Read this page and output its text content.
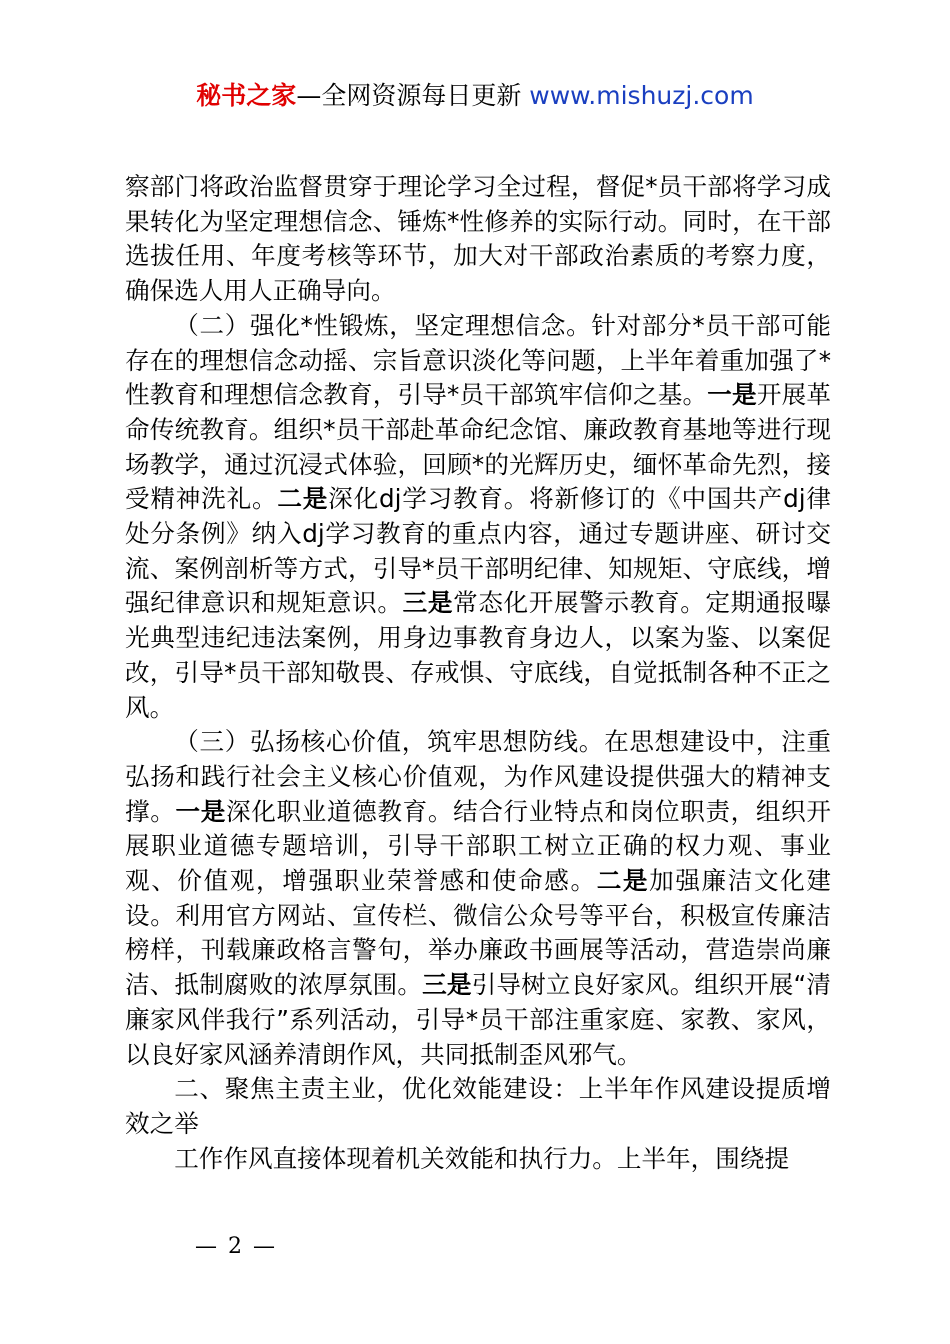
秘书之家—全网资源每日更新 www.mishuzj.com

察部门将政治监督贯穿于理论学习全过程，督促*员干部将学习成果转化为坚定理想信念、锤炼*性修养的实际行动。同时，在干部选拔任用、年度考核等环节，加大对干部政治素质的考察力度，确保选人用人正确导向。

（二）强化*性锻炼，坚定理想信念。针对部分*员干部可能存在的理想信念动摇、宗旨意识淡化等问题，上半年着重加强了*性教育和理想信念教育，引导*员干部筑牢信仰之基。一是开展革命传统教育。组织*员干部赴革命纪念馆、廉政教育基地等进行现场教学，通过沉浸式体验，回顾*的光辉历史，缅怀革命先烈，接受精神洗礼。二是深化dj学习教育。将新修订的《中国共产dj律处分条例》纳入dj学习教育的重点内容，通过专题讲座、研讨交流、案例剖析等方式，引导*员干部明纪律、知规矩、守底线，增强纪律意识和规矩意识。三是常态化开展警示教育。定期通报曝光典型违纪违法案例，用身边事教育身边人，以案为鉴、以案促改，引导*员干部知敬畏、存戒惧、守底线，自觉抵制各种不正之风。

（三）弘扬核心价值，筑牢思想防线。在思想建设中，注重弘扬和践行社会主义核心价值观，为作风建设提供强大的精神支撑。一是深化职业道德教育。结合行业特点和岗位职责，组织开展职业道德专题培训，引导干部职工树立正确的权力观、事业观、价值观，增强职业荣誉感和使命感。二是加强廉洁文化建设。利用官方网站、宣传栏、微信公众号等平台，积极宣传廉洁榜样，刊载廉政格言警句，举办廉政书画展等活动，营造崇尚廉洁、抵制腐败的浓厚氛围。三是引导树立良好家风。组织开展“清廉家风伴我行”系列活动，引导*员干部注重家庭、家教、家风，以良好家风涵养清朗作风，共同抵制歪风邪气。

二、聚焦主责主业，优化效能建设：上半年作风建设提质增效之举

工作作风直接体现着机关效能和执行力。上半年，围绕提

— 2 —
